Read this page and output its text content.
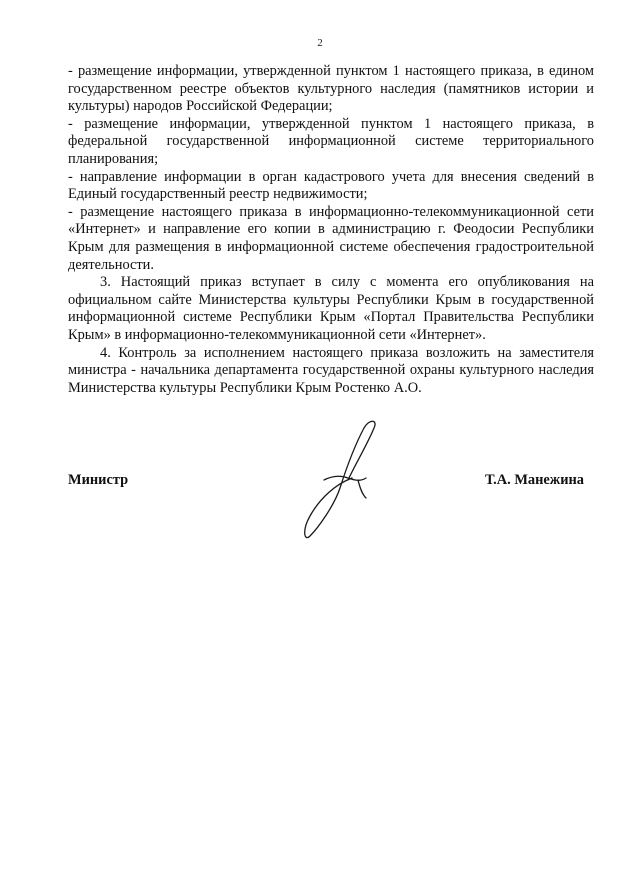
2

- размещение информации, утвержденной пунктом 1 настоящего приказа, в едином государственном реестре объектов культурного наследия (памятников истории и культуры) народов Российской Федерации;

- размещение информации, утвержденной пунктом 1 настоящего приказа, в федеральной государственной информационной системе территориального планирования;

- направление информации в орган кадастрового учета для внесения сведений в Единый государственный реестр недвижимости;

- размещение настоящего приказа в информационно-телекоммуникационной сети «Интернет» и направление его копии в администрацию г. Феодосии Республики Крым для размещения в информационной системе обеспечения градостроительной деятельности.

3. Настоящий приказ вступает в силу с момента его опубликования на официальном сайте Министерства культуры Республики Крым в государственной информационной системе Республики Крым «Портал Правительства Республики Крым» в информационно-телекоммуникационной сети «Интернет».

4. Контроль за исполнением настоящего приказа возложить на заместителя министра - начальника департамента государственной охраны культурного наследия Министерства культуры Республики Крым Ростенко А.О.

Министр	Т.А. Манежина
